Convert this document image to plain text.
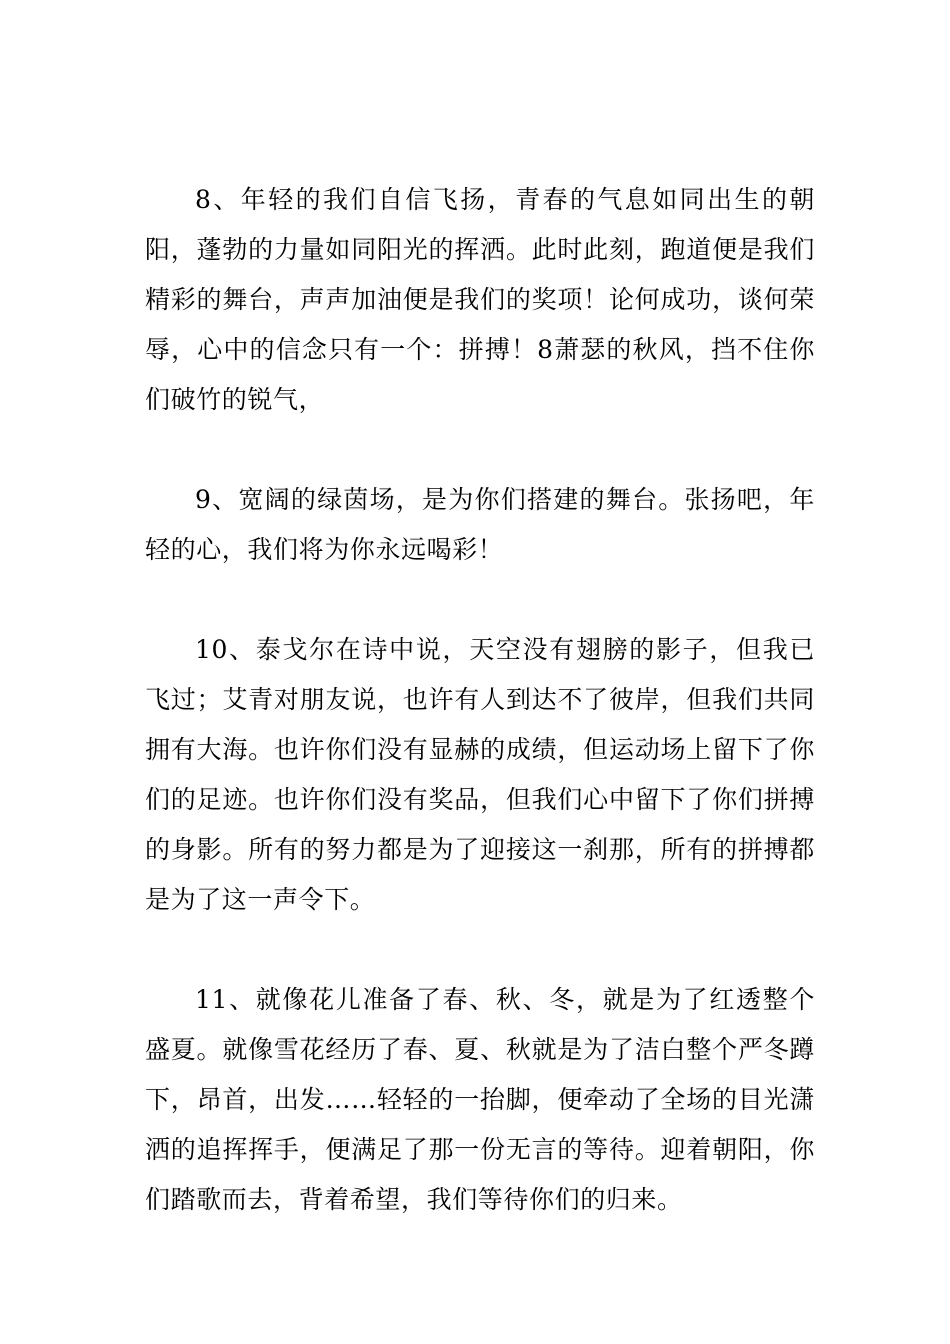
8、年轻的我们自信飞扬，青春的气息如同出生的朝阳，蓬勃的力量如同阳光的挥洒。此时此刻，跑道便是我们精彩的舞台，声声加油便是我们的奖项！论何成功，谈何荣辱，心中的信念只有一个：拼搏！8萧瑟的秋风，挡不住你们破竹的锐气，

9、宽阔的绿茵场，是为你们搭建的舞台。张扬吧，年轻的心，我们将为你永远喝彩！

10、泰戈尔在诗中说，天空没有翅膀的影子，但我已飞过；艾青对朋友说，也许有人到达不了彼岸，但我们共同拥有大海。也许你们没有显赫的成绩，但运动场上留下了你们的足迹。也许你们没有奖品，但我们心中留下了你们拼搏的身影。所有的努力都是为了迎接这一刹那，所有的拼搏都是为了这一声令下。

11、就像花儿准备了春、秋、冬，就是为了红透整个盛夏。就像雪花经历了春、夏、秋就是为了洁白整个严冬蹲下，昂首，出发……轻轻的一抬脚，便牵动了全场的目光潇洒的追挥挥手，便满足了那一份无言的等待。迎着朝阳，你们踏歌而去，背着希望，我们等待你们的归来。
